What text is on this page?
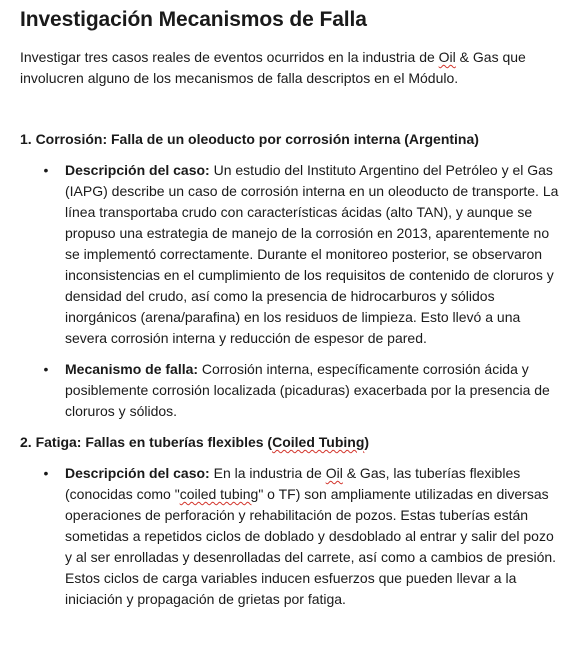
Investigación Mecanismos de Falla

Investigar tres casos reales de eventos ocurridos en la industria de Oil & Gas que involucren alguno de los mecanismos de falla descriptos en el Módulo.

1. Corrosión: Falla de un oleoducto por corrosión interna (Argentina)

• Descripción del caso: Un estudio del Instituto Argentino del Petróleo y el Gas (IAPG) describe un caso de corrosión interna en un oleoducto de transporte. La línea transportaba crudo con características ácidas (alto TAN), y aunque se propuso una estrategia de manejo de la corrosión en 2013, aparentemente no se implementó correctamente. Durante el monitoreo posterior, se observaron inconsistencias en el cumplimiento de los requisitos de contenido de cloruros y densidad del crudo, así como la presencia de hidrocarburos y sólidos inorgánicos (arena/parafina) en los residuos de limpieza. Esto llevó a una severa corrosión interna y reducción de espesor de pared.
• Mecanismo de falla: Corrosión interna, específicamente corrosión ácida y posiblemente corrosión localizada (picaduras) exacerbada por la presencia de cloruros y sólidos.

2. Fatiga: Fallas en tuberías flexibles (Coiled Tubing)

• Descripción del caso: En la industria de Oil & Gas, las tuberías flexibles (conocidas como "coiled tubing" o TF) son ampliamente utilizadas en diversas operaciones de perforación y rehabilitación de pozos. Estas tuberías están sometidas a repetidos ciclos de doblado y desdoblado al entrar y salir del pozo y al ser enrolladas y desenrolladas del carrete, así como a cambios de presión. Estos ciclos de carga variables inducen esfuerzos que pueden llevar a la iniciación y propagación de grietas por fatiga.
